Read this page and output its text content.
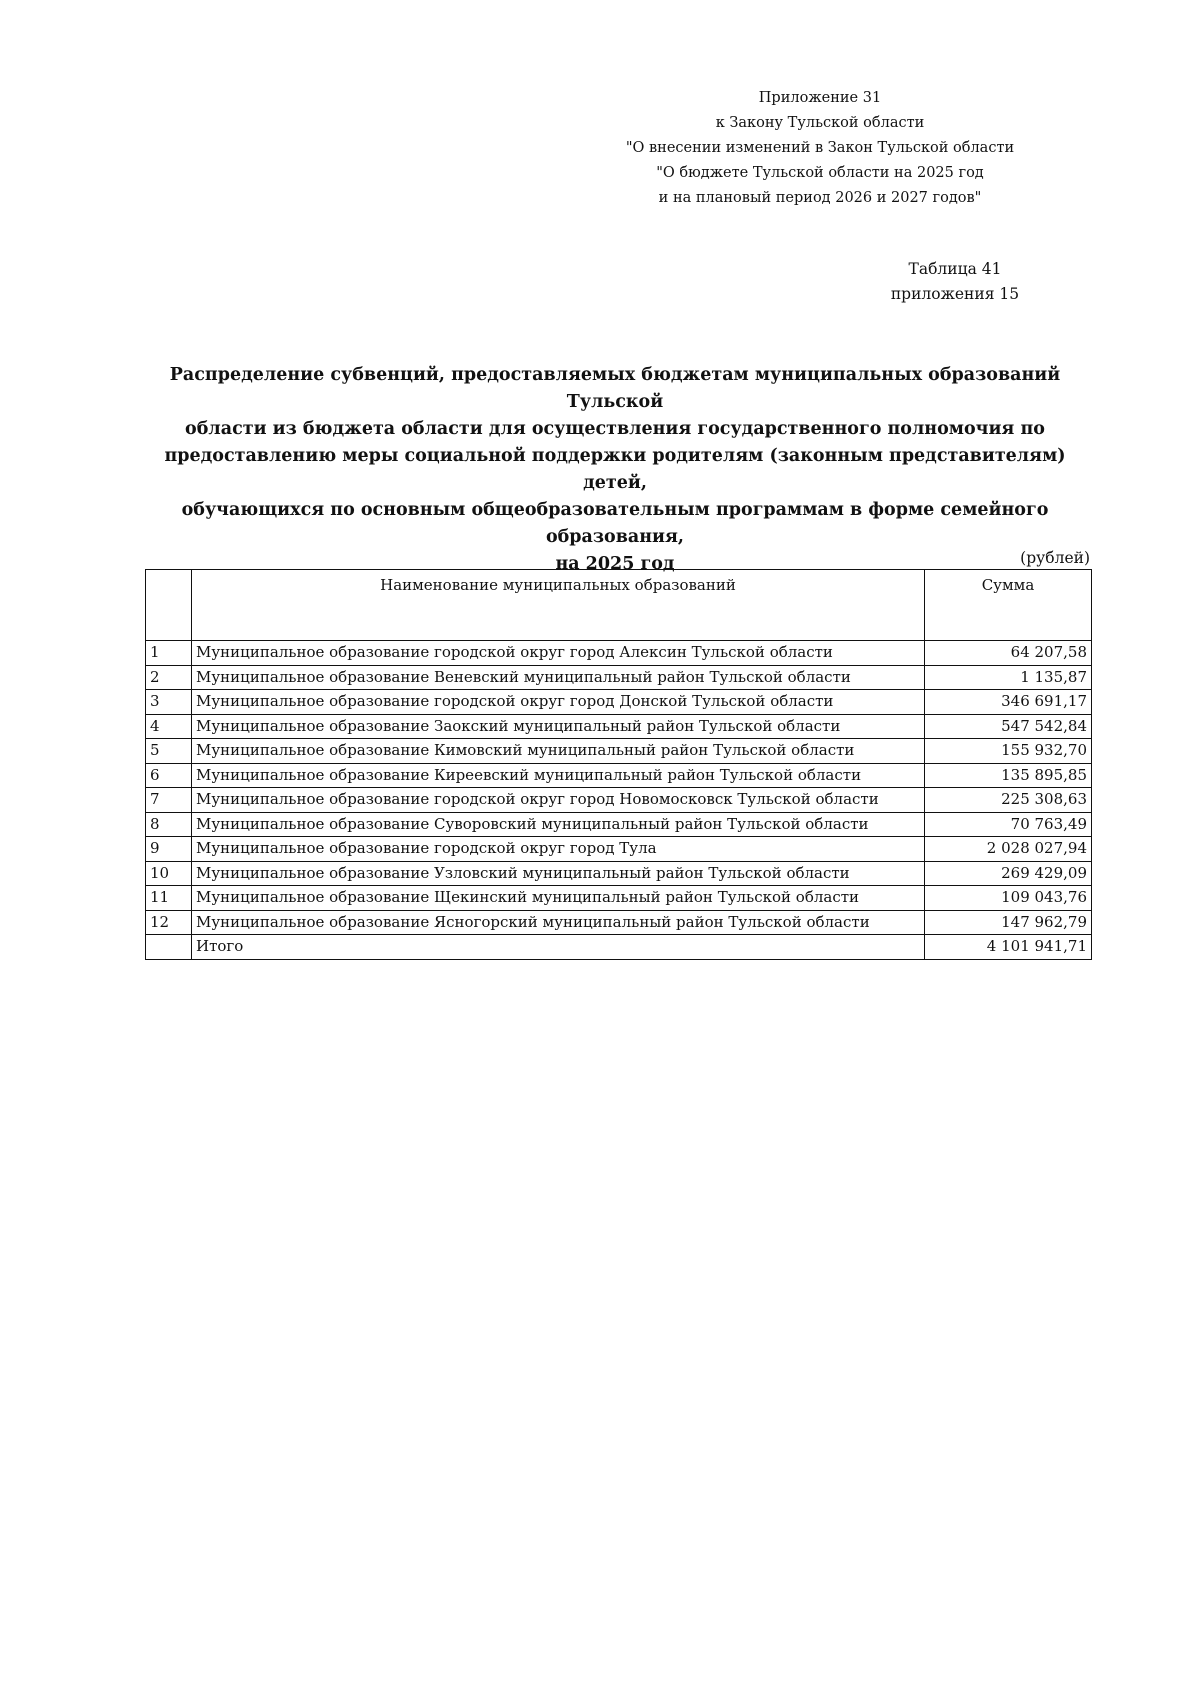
Приложение 31
к Закону Тульской области
"О внесении изменений в Закон Тульской области
"О бюджете Тульской области на 2025 год
и на плановый период 2026 и 2027 годов"
Таблица 41
приложения 15
Распределение субвенций, предоставляемых бюджетам муниципальных образований Тульской
области из бюджета области для осуществления государственного полномочия по
предоставлению меры социальной поддержки родителям (законным представителям) детей,
обучающихся по основным общеобразовательным программам в форме семейного образования,
на 2025 год	(рублей)
	Наименование муниципальных образований	Сумма
1	Муниципальное образование городской округ город Алексин Тульской области	64 207,58
2	Муниципальное образование Веневский муниципальный район Тульской области	1 135,87
3	Муниципальное образование городской округ город Донской Тульской области	346 691,17
4	Муниципальное образование Заокский муниципальный район Тульской области	547 542,84
5	Муниципальное образование Кимовский муниципальный район Тульской области	155 932,70
6	Муниципальное образование Киреевский муниципальный район Тульской области	135 895,85
7	Муниципальное образование городской округ город Новомосковск Тульской области	225 308,63
8	Муниципальное образование Суворовский муниципальный район Тульской области	70 763,49
9	Муниципальное образование городской округ город Тула	2 028 027,94
10	Муниципальное образование Узловский муниципальный район Тульской области	269 429,09
11	Муниципальное образование Щекинский муниципальный район Тульской области	109 043,76
12	Муниципальное образование Ясногорский муниципальный район Тульской области	147 962,79
	Итого	4 101 941,71
